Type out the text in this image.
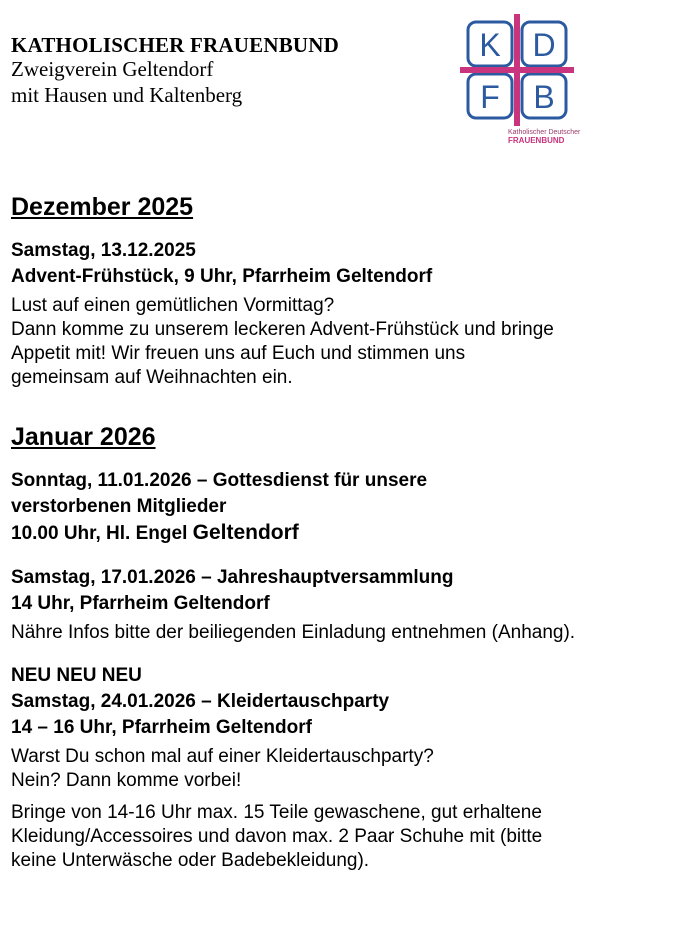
KATHOLISCHER FRAUENBUND
Zweigverein Geltendorf
mit Hausen und Kaltenberg
K D
F B
Katholischer Deutscher
FRAUENBUND
Dezember 2025
Samstag, 13.12.2025
Advent-Frühstück, 9 Uhr, Pfarrheim Geltendorf
Lust auf einen gemütlichen Vormittag?
Dann komme zu unserem leckeren Advent-Frühstück und bringe
Appetit mit! Wir freuen uns auf Euch und stimmen uns
gemeinsam auf Weihnachten ein.
Januar 2026
Sonntag, 11.01.2026 – Gottesdienst für unsere
verstorbenen Mitglieder
10.00 Uhr, Hl. Engel Geltendorf
Samstag, 17.01.2026 – Jahreshauptversammlung
14 Uhr, Pfarrheim Geltendorf
Nähre Infos bitte der beiliegenden Einladung entnehmen (Anhang).
NEU NEU NEU
Samstag, 24.01.2026 – Kleidertauschparty
14 – 16 Uhr, Pfarrheim Geltendorf
Warst Du schon mal auf einer Kleidertauschparty?
Nein? Dann komme vorbei!
Bringe von 14-16 Uhr max. 15 Teile gewaschene, gut erhaltene
Kleidung/Accessoires und davon max. 2 Paar Schuhe mit (bitte
keine Unterwäsche oder Badebekleidung).
